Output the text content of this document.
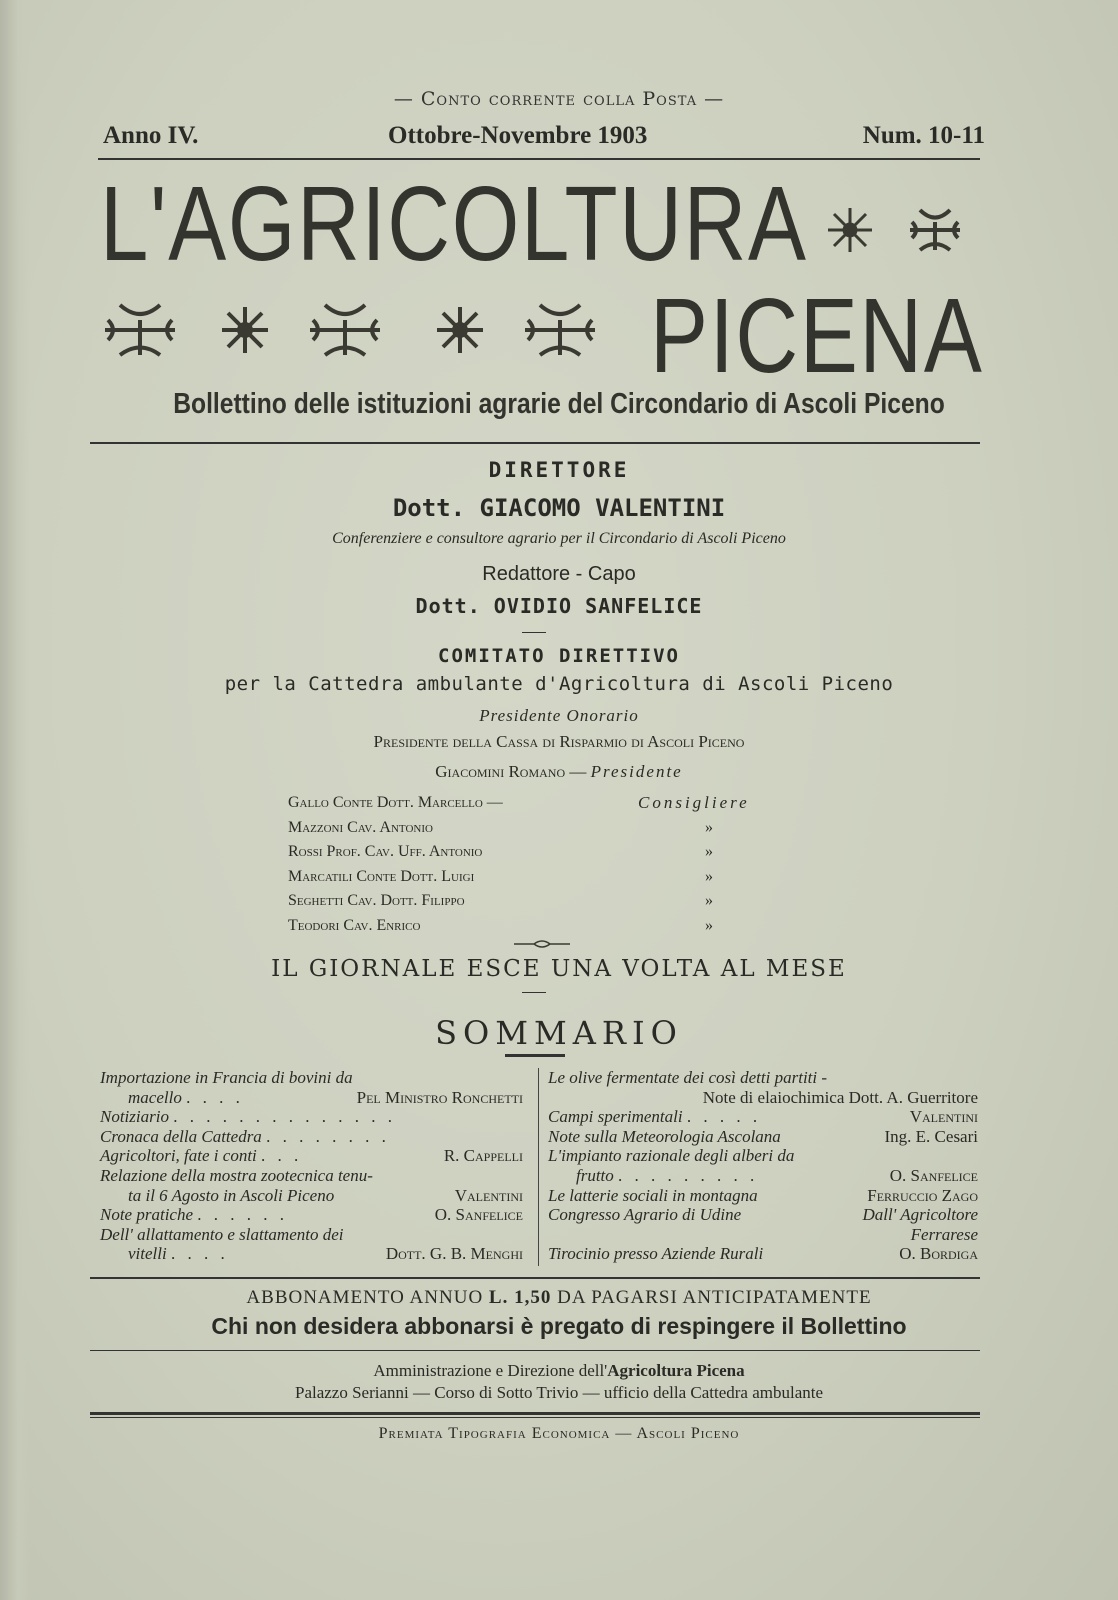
— Conto corrente colla Posta —
Anno IV.	Ottobre-Novembre 1903	Num. 10-11
L'AGRICOLTURA
PICENA
Bollettino delle istituzioni agrarie del Circondario di Ascoli Piceno
DIRETTORE
Dott. GIACOMO VALENTINI
Conferenziere e consultore agrario per il Circondario di Ascoli Piceno
Redattore - Capo
Dott. OVIDIO SANFELICE
COMITATO DIRETTIVO
per la Cattedra ambulante d'Agricoltura di Ascoli Piceno
Presidente Onorario
Presidente della Cassa di Risparmio di Ascoli Piceno
Giacomini Romano — Presidente
Gallo Conte Dott. Marcello —	Consigliere
Mazzoni Cav. Antonio	»
Rossi Prof. Cav. Uff. Antonio	»
Marcatili Conte Dott. Luigi	»
Seghetti Cav. Dott. Filippo	»
Teodori Cav. Enrico	»
IL GIORNALE ESCE UNA VOLTA AL MESE
SOMMARIO
Importazione in Francia di bovini da
macello . . . .	Pel Ministro Ronchetti
Notiziario . . . . . . . . . . . . . .
Cronaca della Cattedra . . . . . . . .
Agricoltori, fate i conti . . .	R. Cappelli
Relazione della mostra zootecnica tenu-
ta il 6 Agosto in Ascoli Piceno	Valentini
Note pratiche . . . . . .	O. Sanfelice
Dell' allattamento e slattamento dei
vitelli . . . .	Dott. G. B. Menghi
Le olive fermentate dei così detti partiti -
Note di elaiochimica Dott. A. Guerritore
Campi sperimentali . . . . .	Valentini
Note sulla Meteorologia Ascolana	Ing. E. Cesari
L'impianto razionale degli alberi da
frutto . . . . . . . . .	O. Sanfelice
Le latterie sociali in montagna	Ferruccio Zago
Congresso Agrario di Udine	Dall' Agricoltore
Ferrarese
Tirocinio presso Aziende Rurali	O. Bordiga
ABBONAMENTO ANNUO L. 1,50 DA PAGARSI ANTICIPATAMENTE
Chi non desidera abbonarsi è pregato di respingere il Bollettino
Amministrazione e Direzione dell'Agricoltura Picena
Palazzo Serianni — Corso di Sotto Trivio — ufficio della Cattedra ambulante
Premiata Tipografia Economica — Ascoli Piceno
